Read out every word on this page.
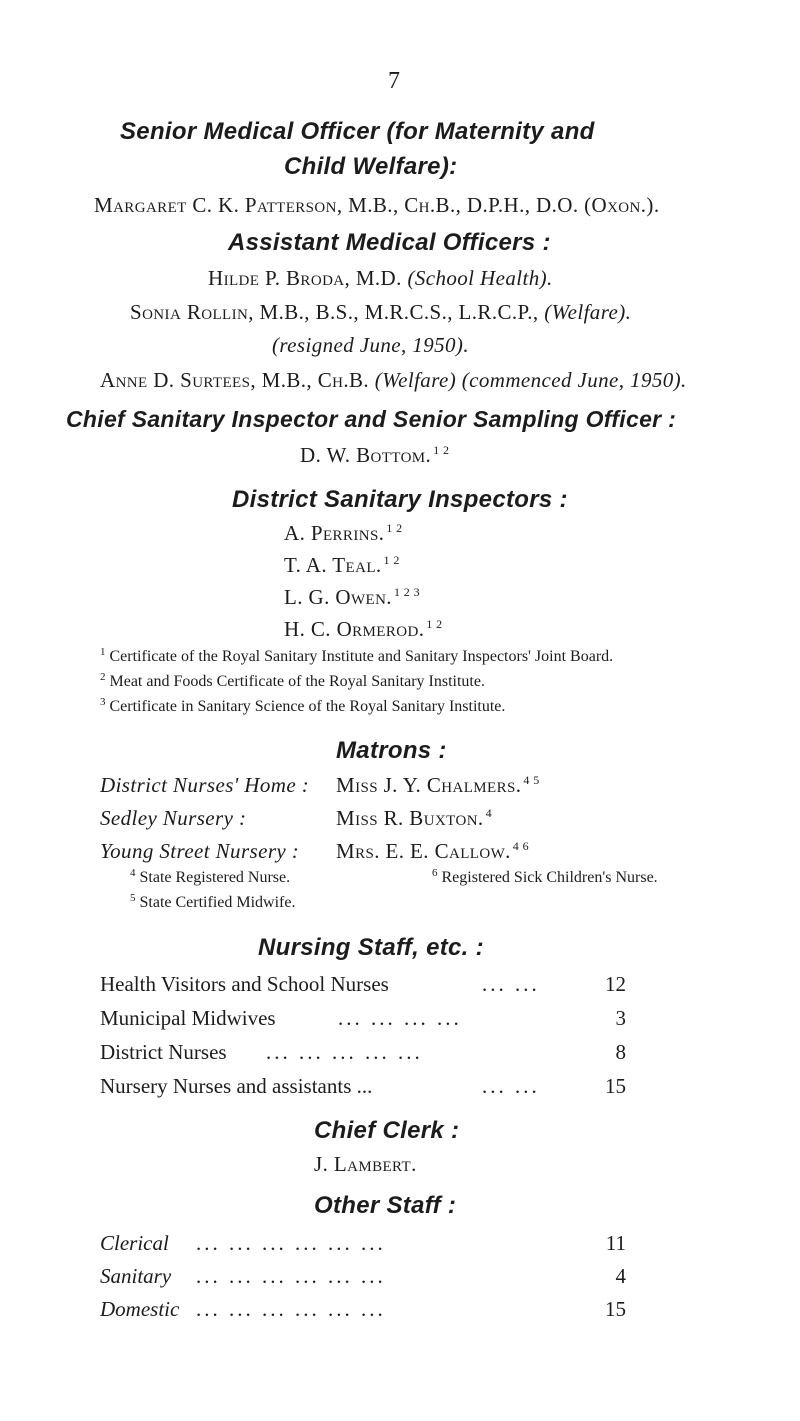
7
Senior Medical Officer (for Maternity and
Child Welfare):
Margaret C. K. Patterson, M.B., Ch.B., D.P.H., D.O. (Oxon.).
Assistant Medical Officers :
Hilde P. Broda, M.D. (School Health).
Sonia Rollin, M.B., B.S., M.R.C.S., L.R.C.P., (Welfare).
(resigned June, 1950).
Anne D. Surtees, M.B., Ch.B. (Welfare) (commenced June, 1950).
Chief Sanitary Inspector and Senior Sampling Officer :
D. W. Bottom. $^{1 2}$
District Sanitary Inspectors :
A. Perrins. $^{1 2}$
T. A. Teal. $^{1 2}$
L. G. Owen. $^{1 2 3}$
H. C. Ormerod. $^{1 2}$
$^1$ Certificate of the Royal Sanitary Institute and Sanitary Inspectors' Joint Board.
$^2$ Meat and Foods Certificate of the Royal Sanitary Institute.
$^3$ Certificate in Sanitary Science of the Royal Sanitary Institute.
Matrons :
District Nurses' Home : Miss J. Y. Chalmers. $^{4 5}$
Sedley Nursery :	Miss R. Buxton. $^4$
Young Street Nursery : Mrs. E. E. Callow. $^{4 6}$
$^4$ State Registered Nurse.	$^6$ Registered Sick Children's Nurse.
$^5$ State Certified Midwife.
Nursing Staff, etc. :
Health Visitors and School Nurses	... ...	12
Municipal Midwives	... ... ... ...	3
District Nurses ... ... ... ... ...	8
Nursery Nurses and assistants ...	... ...	15
Chief Clerk :
J. Lambert.
Other Staff :
Clerical ... ... ... ... ... ...	11
Sanitary ... ... ... ... ... ...	4
Domestic ... ... ... ... ... ...	15
